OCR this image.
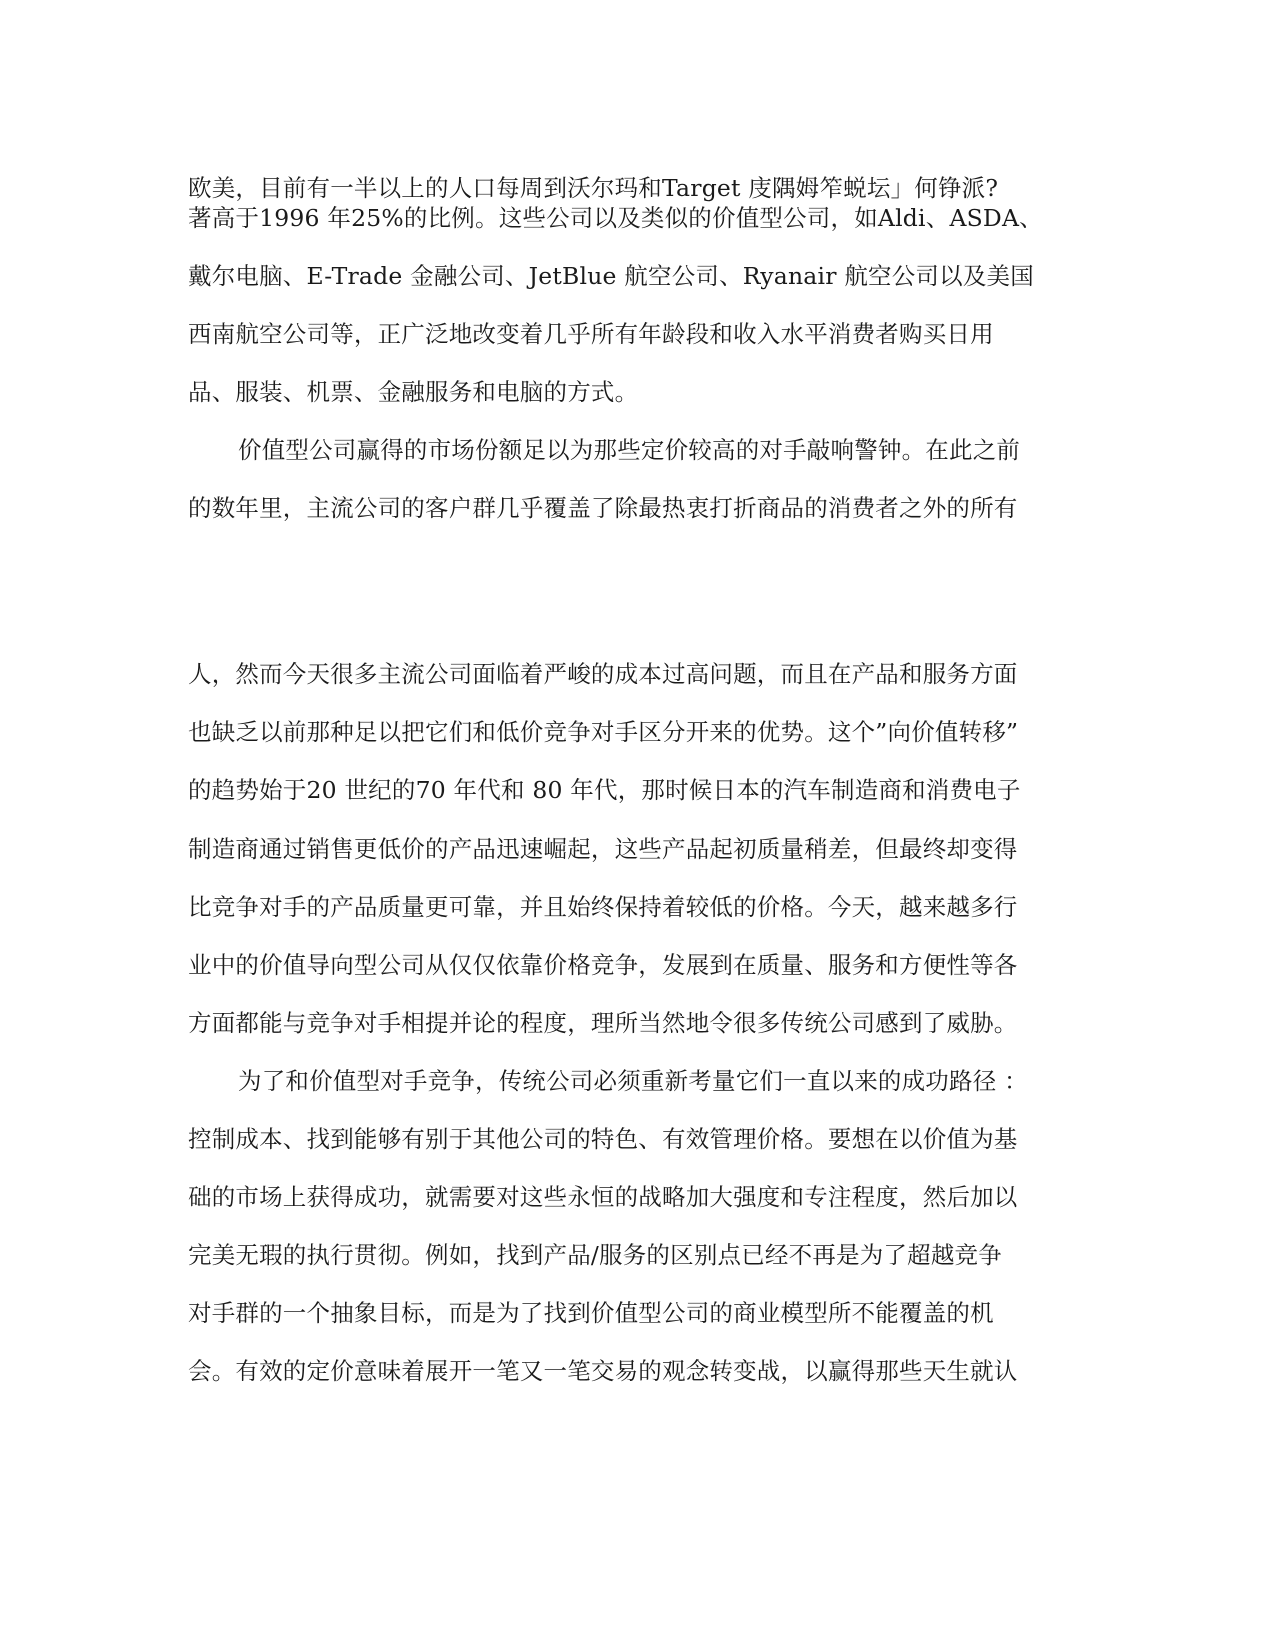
欧美，目前有一半以上的人口每周到沃尔玛和Target 庋隅姆笮蜕坛」何铮派?
著高于1996 年25%的比例。这些公司以及类似的价值型公司，如Aldi、ASDA、
戴尔电脑、E-Trade 金融公司、JetBlue 航空公司、Ryanair 航空公司以及美国
西南航空公司等，正广泛地改变着几乎所有年龄段和收入水平消费者购买日用
品、服装、机票、金融服务和电脑的方式。
价值型公司赢得的市场份额足以为那些定价较高的对手敲响警钟。在此之前
的数年里，主流公司的客户群几乎覆盖了除最热衷打折商品的消费者之外的所有
人，然而今天很多主流公司面临着严峻的成本过高问题，而且在产品和服务方面
也缺乏以前那种足以把它们和低价竞争对手区分开来的优势。这个”向价值转移”
的趋势始于20 世纪的70 年代和 80 年代，那时候日本的汽车制造商和消费电子
制造商通过销售更低价的产品迅速崛起，这些产品起初质量稍差，但最终却变得
比竞争对手的产品质量更可靠，并且始终保持着较低的价格。今天，越来越多行
业中的价值导向型公司从仅仅依靠价格竞争，发展到在质量、服务和方便性等各
方面都能与竞争对手相提并论的程度，理所当然地令很多传统公司感到了威胁。
为了和价值型对手竞争，传统公司必须重新考量它们一直以来的成功路径 ：
控制成本、找到能够有别于其他公司的特色、有效管理价格。要想在以价值为基
础的市场上获得成功，就需要对这些永恒的战略加大强度和专注程度，然后加以
完美无瑕的执行贯彻。例如，找到产品/服务的区别点已经不再是为了超越竞争
对手群的一个抽象目标，而是为了找到价值型公司的商业模型所不能覆盖的机
会。有效的定价意味着展开一笔又一笔交易的观念转变战，以赢得那些天生就认
